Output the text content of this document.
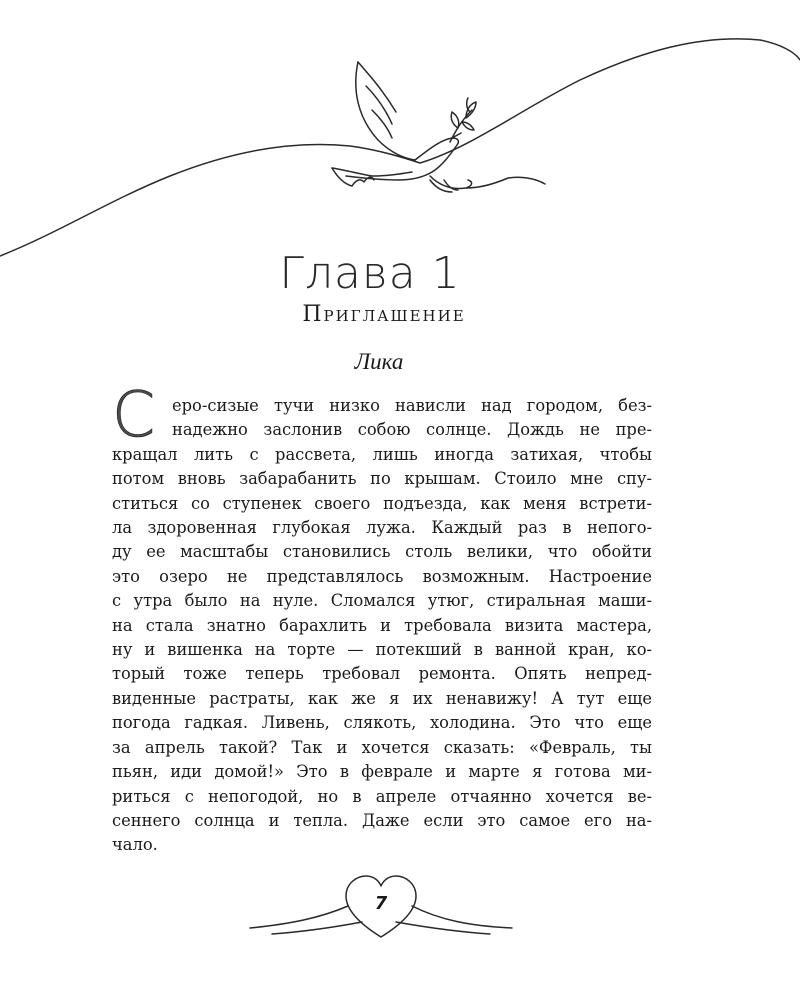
С
Глава 1
Приглашение
Лика
еро-сизые тучи низко нависли над городом, без-
надежно заслонив собою солнце. Дождь не пре-
кращал лить с рассвета, лишь иногда затихая, чтобы
потом вновь забарабанить по крышам. Стоило мне спу-
ститься со ступенек своего подъезда, как меня встрети-
ла здоровенная глубокая лужа. Каждый раз в непого-
ду ее масштабы становились столь велики, что обойти
это озеро не представлялось возможным. Настроение
с утра было на нуле. Сломался утюг, стиральная маши-
на стала знатно барахлить и требовала визита мастера,
ну и вишенка на торте — потекший в ванной кран, ко-
торый тоже теперь требовал ремонта. Опять непред-
виденные растраты, как же я их ненавижу! А тут еще
погода гадкая. Ливень, слякоть, холодина. Это что еще
за апрель такой? Так и хочется сказать: «Февраль, ты
пьян, иди домой!» Это в феврале и марте я готова ми-
риться с непогодой, но в апреле отчаянно хочется ве-
сеннего солнца и тепла. Даже если это самое его на-
чало.
7
